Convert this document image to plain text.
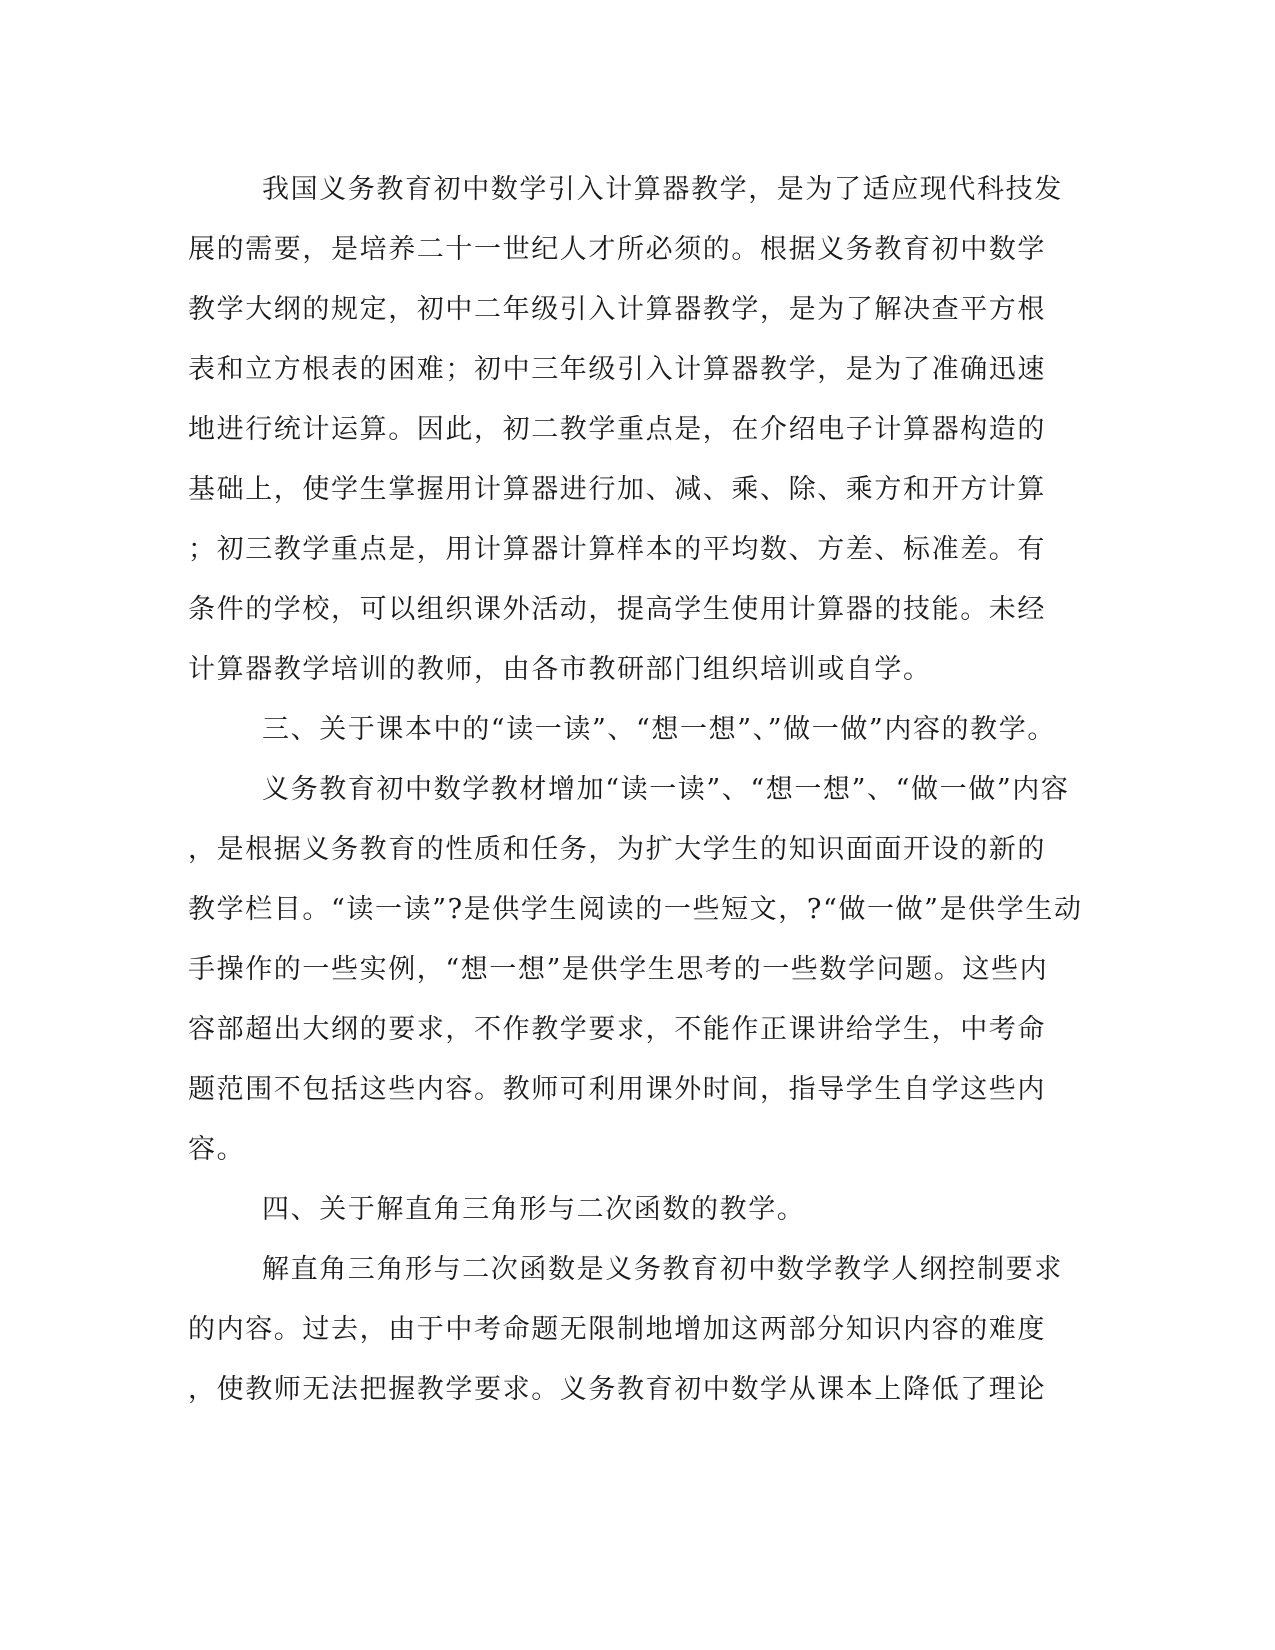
我国义务教育初中数学引入计算器教学，是为了适应现代科技发
展的需要，是培养二十一世纪人才所必须的。根据义务教育初中数学
教学大纲的规定，初中二年级引入计算器教学，是为了解决查平方根
表和立方根表的困难；初中三年级引入计算器教学，是为了准确迅速
地进行统计运算。因此，初二教学重点是，在介绍电子计算器构造的
基础上，使学生掌握用计算器进行加、减、乘、除、乘方和开方计算
；初三教学重点是，用计算器计算样本的平均数、方差、标准差。有
条件的学校，可以组织课外活动，提高学生使用计算器的技能。未经
计算器教学培训的教师，由各市教研部门组织培训或自学。
三、关于课本中的“读一读”、“想一想”、”做一做”内容的教学。
义务教育初中数学教材增加“读一读”、“想一想”、“做一做”内容
，是根据义务教育的性质和任务，为扩大学生的知识面面开设的新的
教学栏目。“读一读”?是供学生阅读的一些短文，?“做一做”是供学生动
手操作的一些实例，“想一想”是供学生思考的一些数学问题。这些内
容部超出大纲的要求，不作教学要求，不能作正课讲给学生，中考命
题范围不包括这些内容。教师可利用课外时间，指导学生自学这些内
容。
四、关于解直角三角形与二次函数的教学。
解直角三角形与二次函数是义务教育初中数学教学人纲控制要求
的内容。过去，由于中考命题无限制地增加这两部分知识内容的难度
，使教师无法把握教学要求。义务教育初中数学从课本上降低了理论
